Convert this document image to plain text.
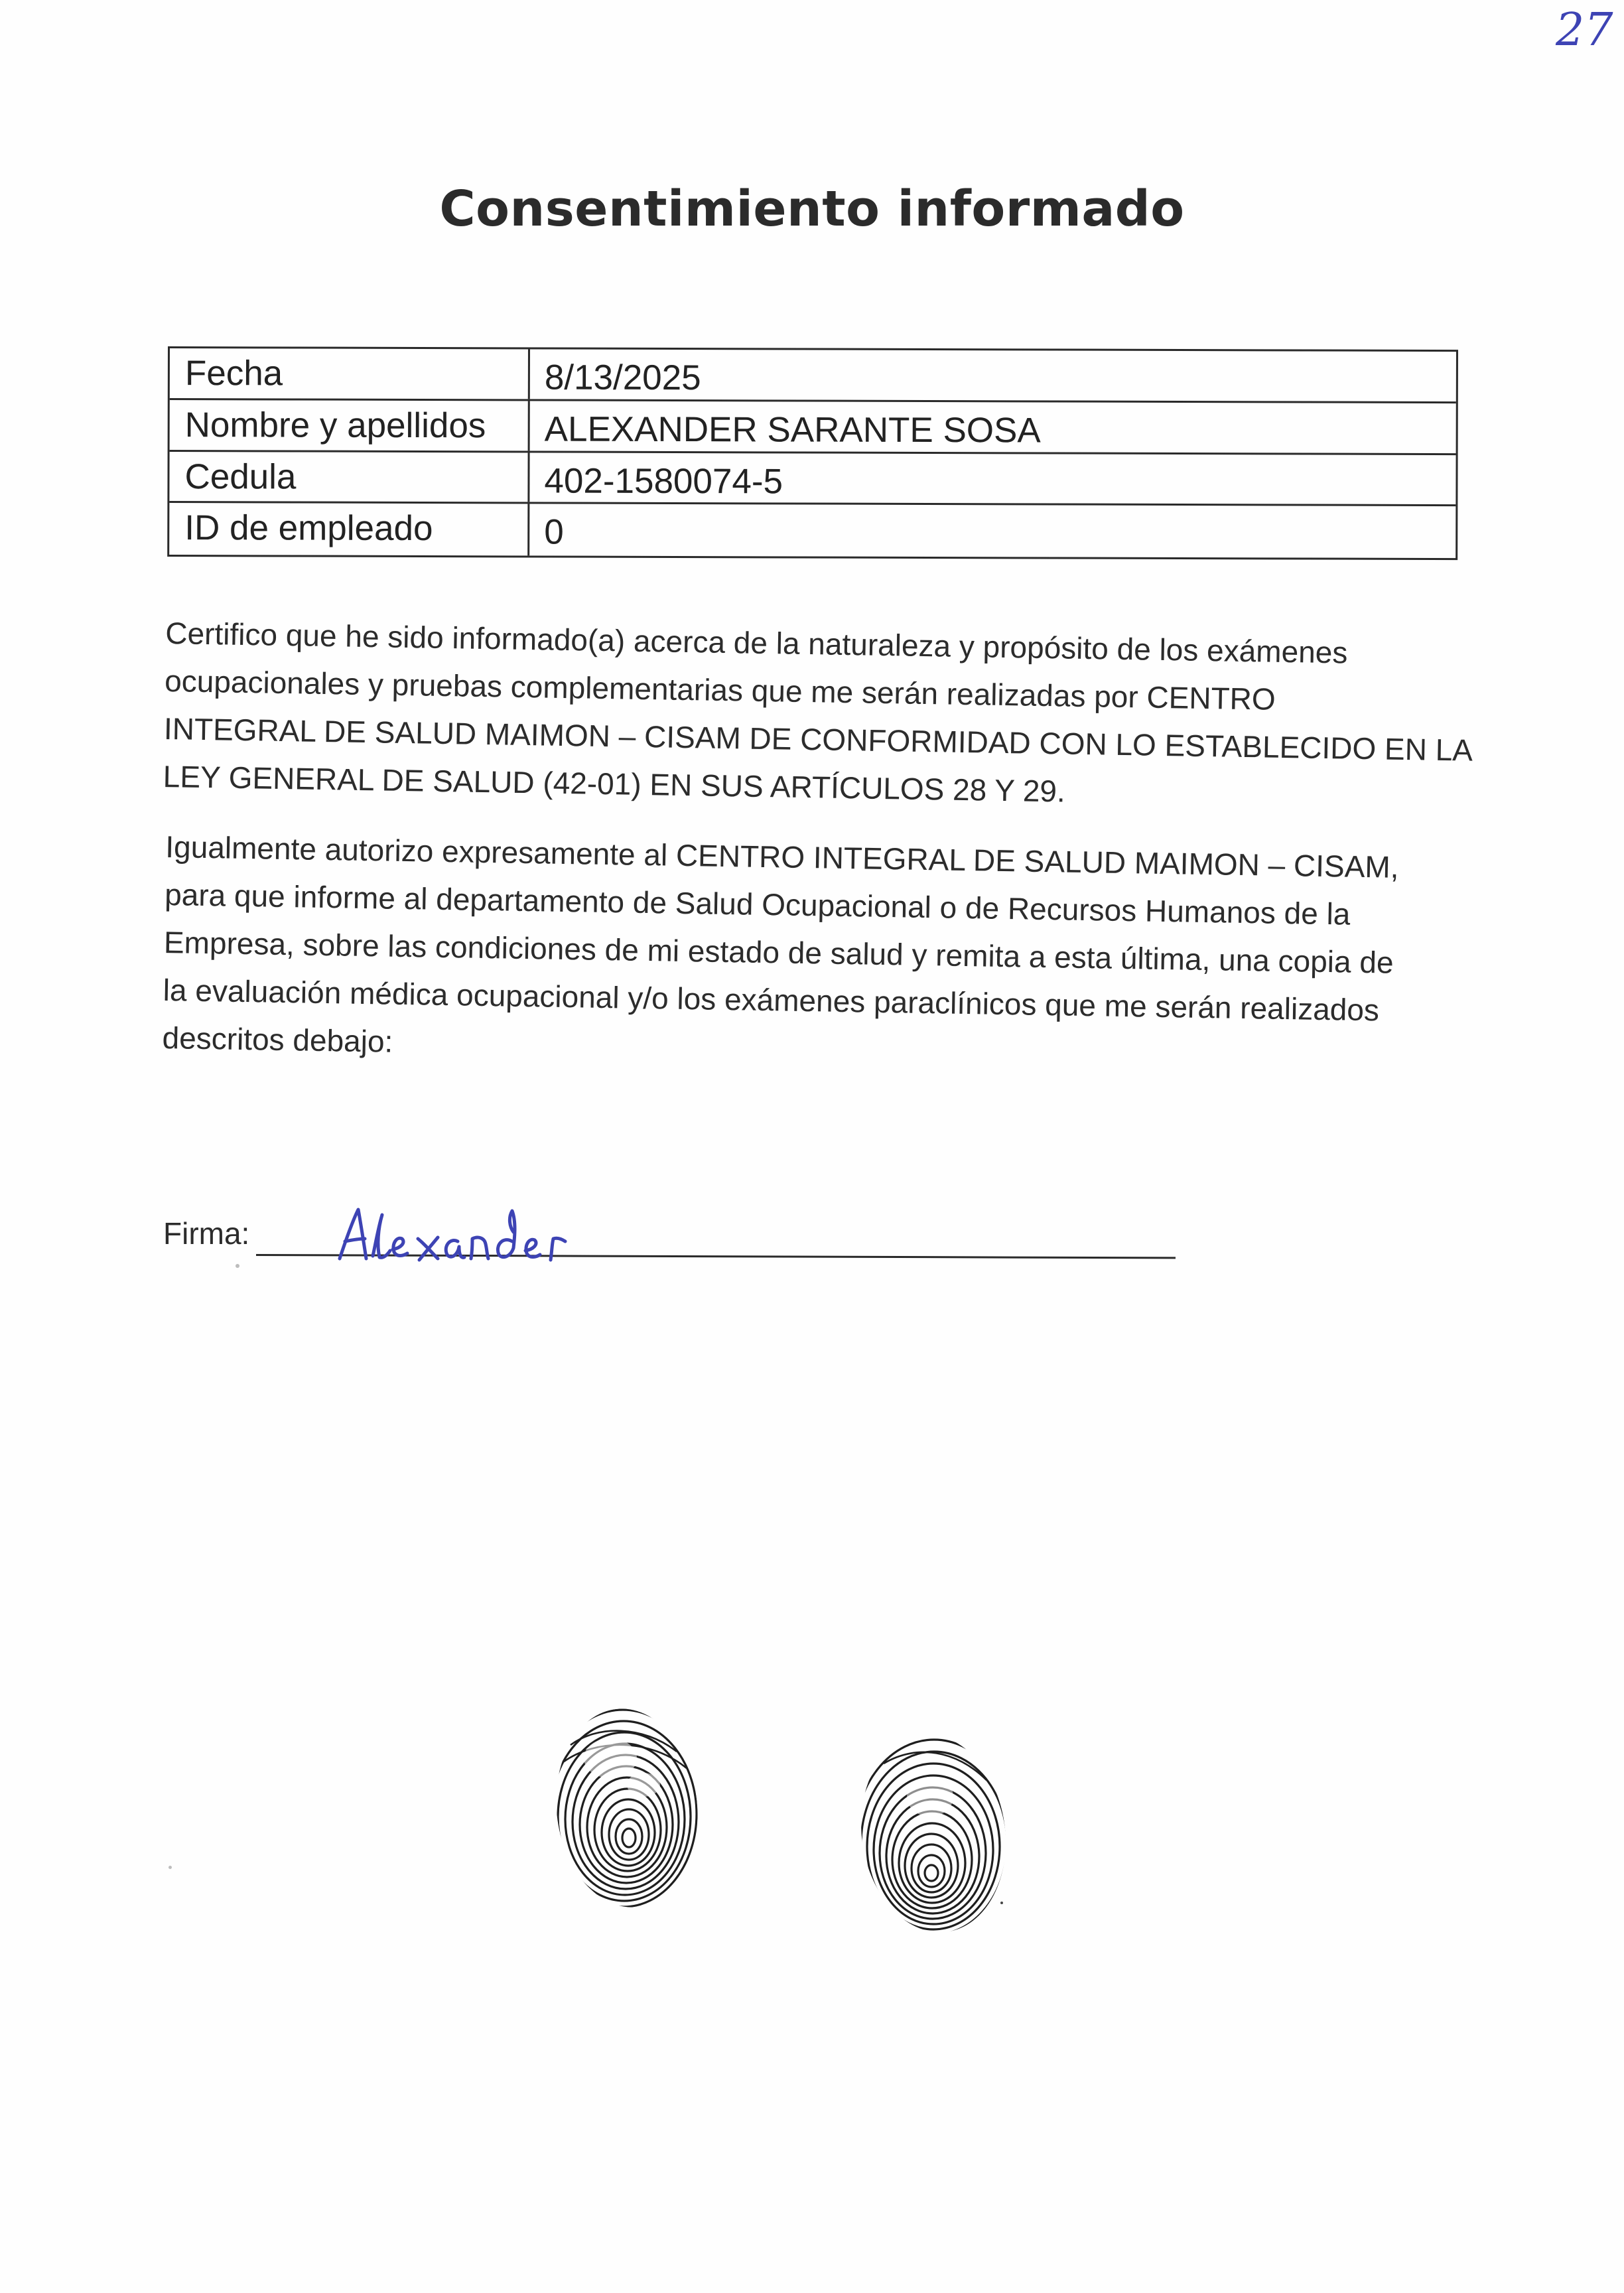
27
Consentimiento informado
Fecha	8/13/2025
Nombre y apellidos	ALEXANDER SARANTE SOSA
Cedula	402-1580074-5
ID de empleado	0
Certifico que he sido informado(a) acerca de la naturaleza y propósito de los exámenes
ocupacionales y pruebas complementarias que me serán realizadas por CENTRO
INTEGRAL DE SALUD MAIMON – CISAM DE CONFORMIDAD CON LO ESTABLECIDO EN LA
LEY GENERAL DE SALUD (42-01) EN SUS ARTÍCULOS 28 Y 29.
Igualmente autorizo expresamente al CENTRO INTEGRAL DE SALUD MAIMON – CISAM,
para que informe al departamento de Salud Ocupacional o de Recursos Humanos de la
Empresa, sobre las condiciones de mi estado de salud y remita a esta última, una copia de
la evaluación médica ocupacional y/o los exámenes paraclínicos que me serán realizados
descritos debajo:
Firma:
